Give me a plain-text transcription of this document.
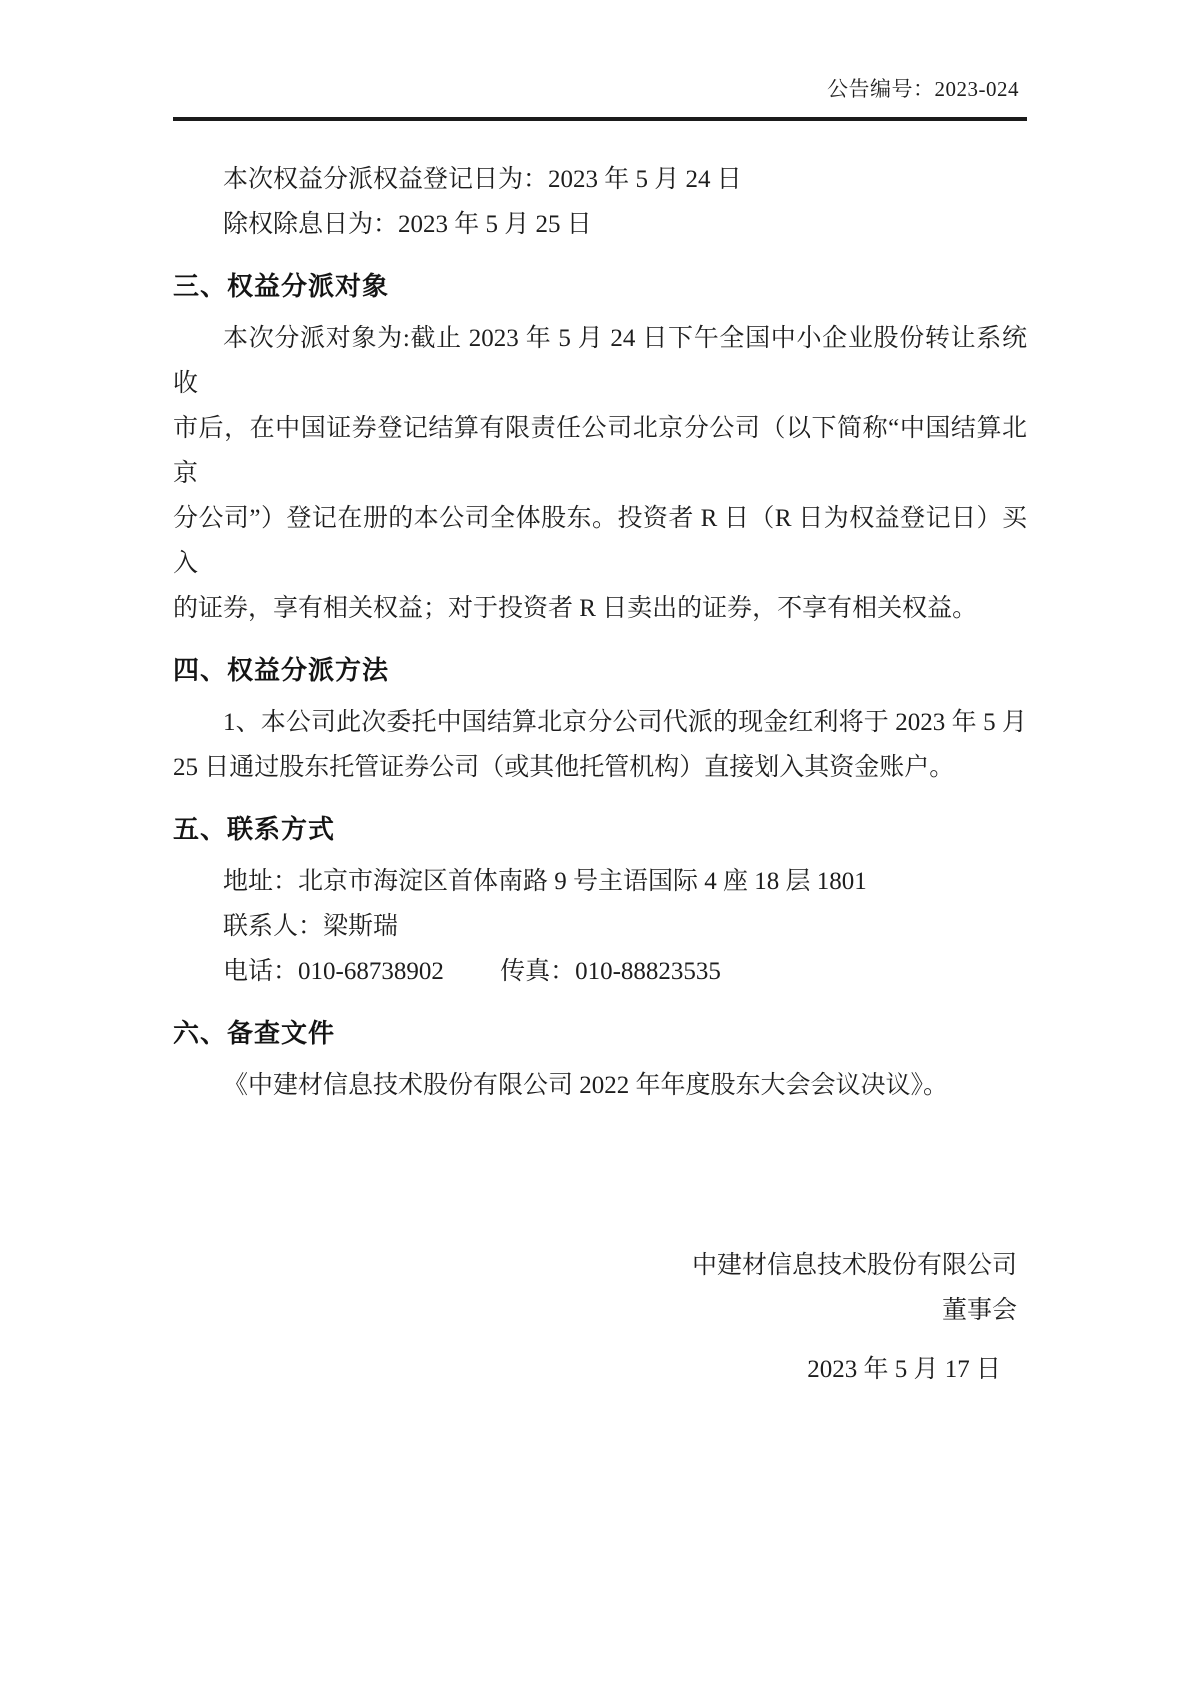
公告编号：2023-024

本次权益分派权益登记日为：2023 年 5 月 24 日

除权除息日为：2023 年 5 月 25 日

三、权益分派对象

本次分派对象为:截止 2023 年 5 月 24 日下午全国中小企业股份转让系统收

市后，在中国证券登记结算有限责任公司北京分公司（以下简称“中国结算北京

分公司”）登记在册的本公司全体股东。投资者 R 日（R 日为权益登记日）买入

的证券，享有相关权益；对于投资者 R 日卖出的证券，不享有相关权益。

四、权益分派方法

1、本公司此次委托中国结算北京分公司代派的现金红利将于 2023 年 5 月

25 日通过股东托管证券公司（或其他托管机构）直接划入其资金账户。

五、联系方式

地址：北京市海淀区首体南路 9 号主语国际 4 座 18 层 1801

联系人：梁斯瑞

电话：010-68738902 传真：010-88823535

六、备查文件

《中建材信息技术股份有限公司 2022 年年度股东大会会议决议》。

中建材信息技术股份有限公司

董事会

2023 年 5 月 17 日
